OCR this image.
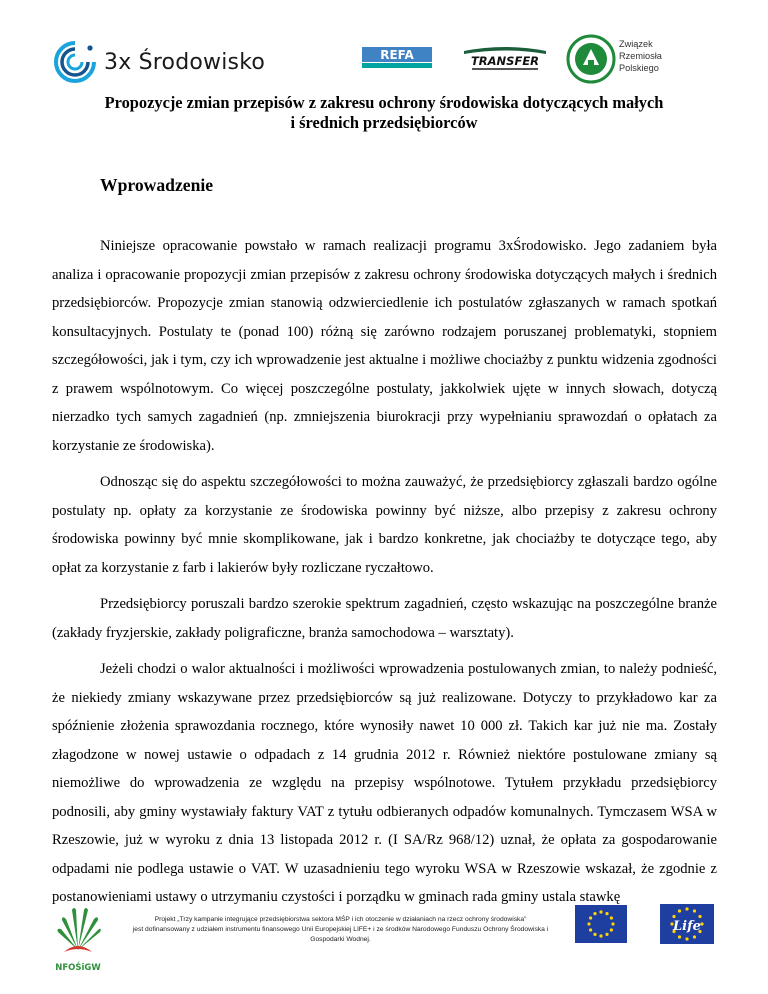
3x Środowisko	REFA	TRANSFER
Związek
Rzemiosła
Polskiego
Propozycje zmian przepisów z zakresu ochrony środowiska dotyczących małych
i średnich przedsiębiorców
Wprowadzenie

Niniejsze opracowanie powstało w ramach realizacji programu 3xŚrodowisko. Jego zadaniem była analiza i opracowanie propozycji zmian przepisów z zakresu ochrony środowiska dotyczących małych i średnich przedsiębiorców. Propozycje zmian stanowią odzwierciedlenie ich postulatów zgłaszanych w ramach spotkań konsultacyjnych. Postulaty te (ponad 100) różną się zarówno rodzajem poruszanej problematyki, stopniem szczegółowości, jak i tym, czy ich wprowadzenie jest aktualne i możliwe chociażby z punktu widzenia zgodności z prawem wspólnotowym. Co więcej poszczególne postulaty, jakkolwiek ujęte w innych słowach, dotyczą nierzadko tych samych zagadnień (np. zmniejszenia biurokracji przy wypełnianiu sprawozdań o opłatach za korzystanie ze środowiska).

Odnosząc się do aspektu szczegółowości to można zauważyć, że przedsiębiorcy zgłaszali bardzo ogólne postulaty np. opłaty za korzystanie ze środowiska powinny być niższe, albo przepisy z zakresu ochrony środowiska powinny być mnie skomplikowane, jak i bardzo konkretne, jak chociażby te dotyczące tego, aby opłat za korzystanie z farb i lakierów były rozliczane ryczałtowo.

Przedsiębiorcy poruszali bardzo szerokie spektrum zagadnień, często wskazując na poszczególne branże (zakłady fryzjerskie, zakłady poligraficzne, branża samochodowa – warsztaty).

Jeżeli chodzi o walor aktualności i możliwości wprowadzenia postulowanych zmian, to należy podnieść, że niekiedy zmiany wskazywane przez przedsiębiorców są już realizowane. Dotyczy to przykładowo kar za spóźnienie złożenia sprawozdania rocznego, które wynosiły nawet 10 000 zł. Takich kar już nie ma. Zostały złagodzone w nowej ustawie o odpadach z 14 grudnia 2012 r. Również niektóre postulowane zmiany są niemożliwe do wprowadzenia ze względu na przepisy wspólnotowe. Tytułem przykładu przedsiębiorcy podnosili, aby gminy wystawiały faktury VAT z tytułu odbieranych odpadów komunalnych. Tymczasem WSA w Rzeszowie, już w wyroku z dnia 13 listopada 2012 r. (I SA/Rz 968/12) uznał, że opłata za gospodarowanie odpadami nie podlega ustawie o VAT. W uzasadnieniu tego wyroku WSA w Rzeszowie wskazał, że zgodnie z postanowieniami ustawy o utrzymaniu czystości i porządku w gminach rada gminy ustala stawkę

NFOŚiGW
Projekt „Trzy kampanie integrujące przedsiębiorstwa sektora MŚP i ich otoczenie w działaniach na rzecz ochrony środowiska”
jest dofinansowany z udziałem instrumentu finansowego Unii Europejskiej LIFE+ i ze środków Narodowego Funduszu Ochrony Środowiska i Gospodarki Wodnej.
Life
